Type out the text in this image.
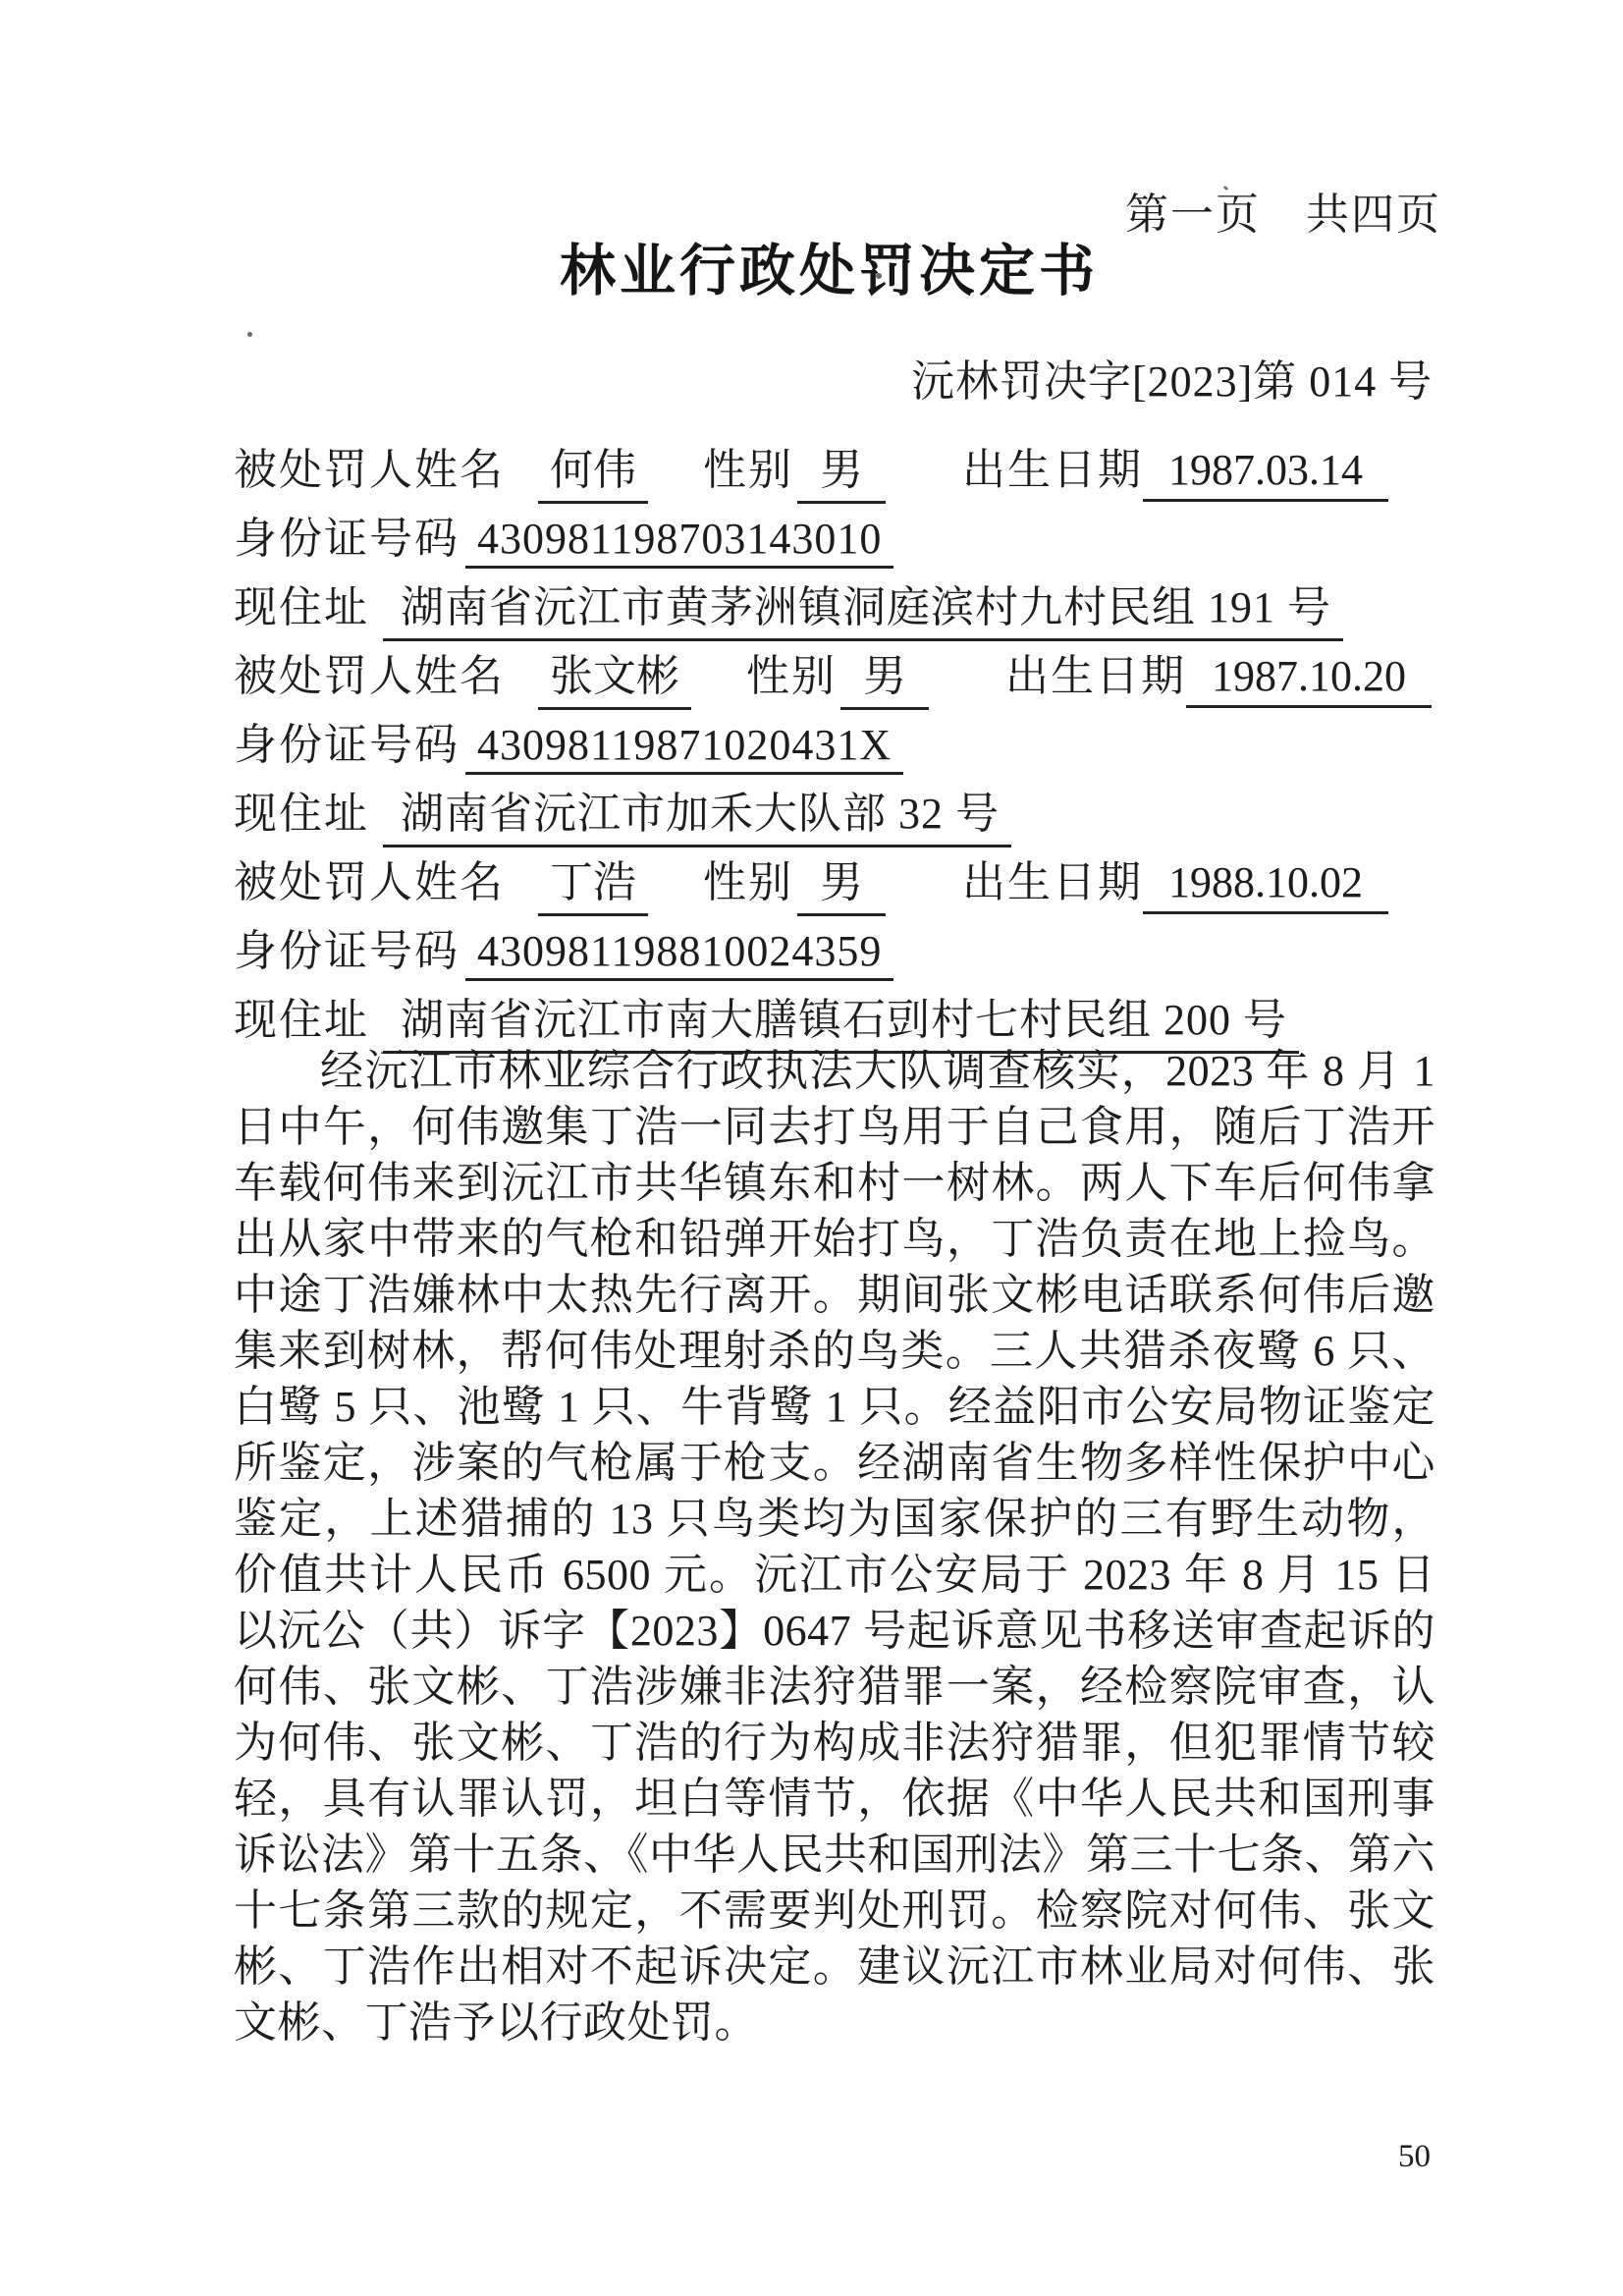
第一页　共四页
林业行政处罚决定书
沅林罚决字[2023]第 014 号
被处罚人姓名 何伟 性别 男	出生日期 1987.03.14
身份证号码 430981198703143010
现住址 湖南省沅江市黄茅洲镇洞庭滨村九村民组 191 号
被处罚人姓名 张文彬 性别 男	出生日期 1987.10.20
身份证号码 43098119871020431X
现住址 湖南省沅江市加禾大队部 32 号
被处罚人姓名 丁浩 性别 男	出生日期 1988.10.02
身份证号码 430981198810024359
现住址 湖南省沅江市南大膳镇石剅村七村民组 200 号

经沅江市林业综合行政执法大队调查核实，2023 年 8 月 1 日中午，何伟邀集丁浩一同去打鸟用于自己食用，随后丁浩开车载何伟来到沅江市共华镇东和村一树林。两人下车后何伟拿出从家中带来的气枪和铅弹开始打鸟，丁浩负责在地上捡鸟。中途丁浩嫌林中太热先行离开。期间张文彬电话联系何伟后邀集来到树林，帮何伟处理射杀的鸟类。三人共猎杀夜鹭 6 只、白鹭 5 只、池鹭 1 只、牛背鹭 1 只。经益阳市公安局物证鉴定所鉴定，涉案的气枪属于枪支。经湖南省生物多样性保护中心鉴定，上述猎捕的 13 只鸟类均为国家保护的三有野生动物，价值共计人民币 6500 元。沅江市公安局于 2023 年 8 月 15 日以沅公（共）诉字【2023】0647 号起诉意见书移送审查起诉的何伟、张文彬、丁浩涉嫌非法狩猎罪一案，经检察院审查，认为何伟、张文彬、丁浩的行为构成非法狩猎罪，但犯罪情节较轻，具有认罪认罚，坦白等情节，依据《中华人民共和国刑事诉讼法》第十五条、《中华人民共和国刑法》第三十七条、第六十七条第三款的规定，不需要判处刑罚。检察院对何伟、张文彬、丁浩作出相对不起诉决定。建议沅江市林业局对何伟、张文彬、丁浩予以行政处罚。

50
